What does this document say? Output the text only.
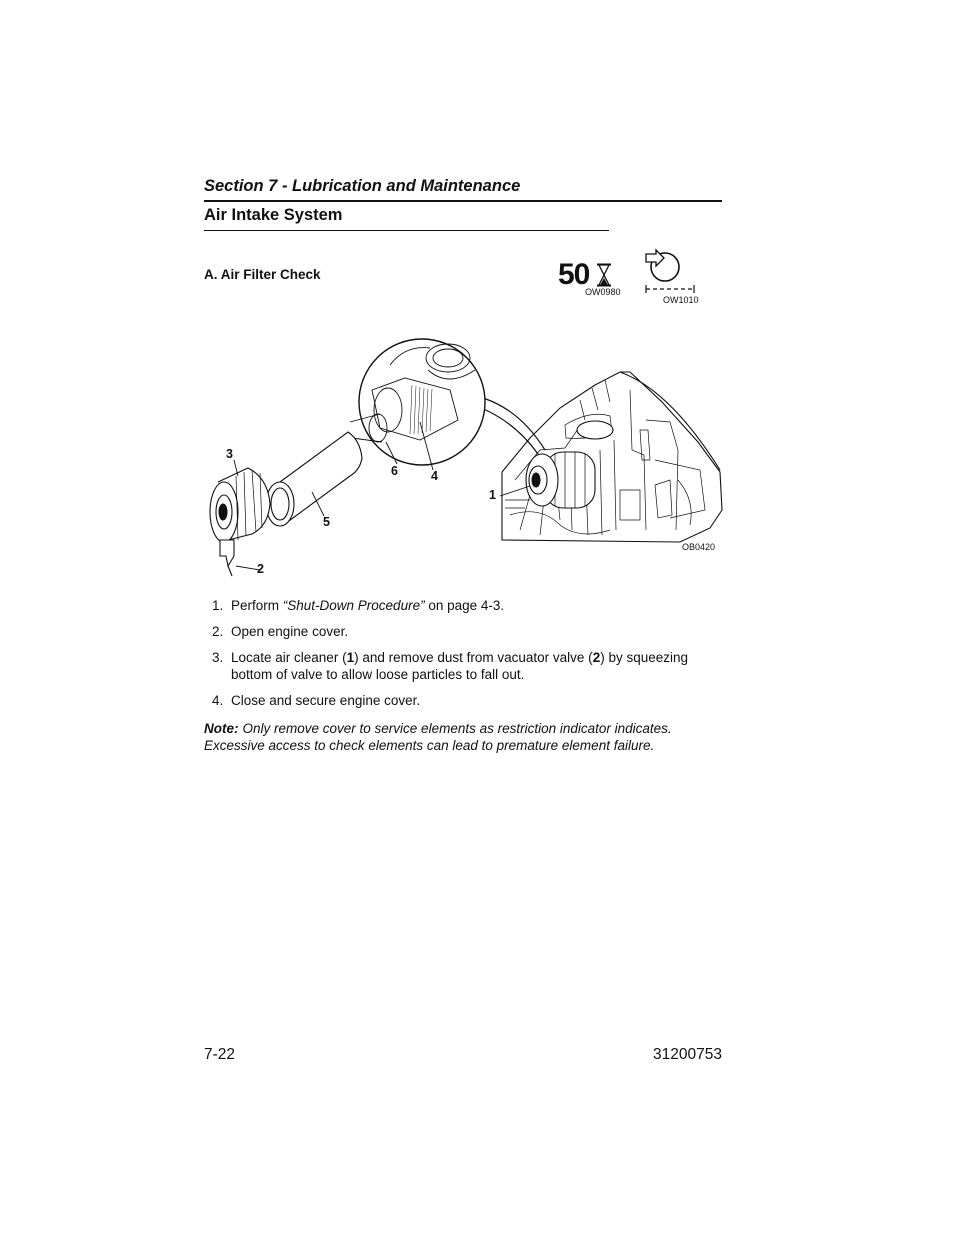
Section 7 - Lubrication and Maintenance
Air Intake System
A. Air Filter Check	50
OW0980
OW1010
1
2
3
4
5
6
OB0420
1. Perform “Shut-Down Procedure” on page 4-3.
2. Open engine cover.
3. Locate air cleaner (1) and remove dust from vacuator valve (2) by squeezing bottom of valve to allow loose particles to fall out.
4. Close and secure engine cover.
Note: Only remove cover to service elements as restriction indicator indicates. Excessive access to check elements can lead to premature element failure.
7-22	31200753
